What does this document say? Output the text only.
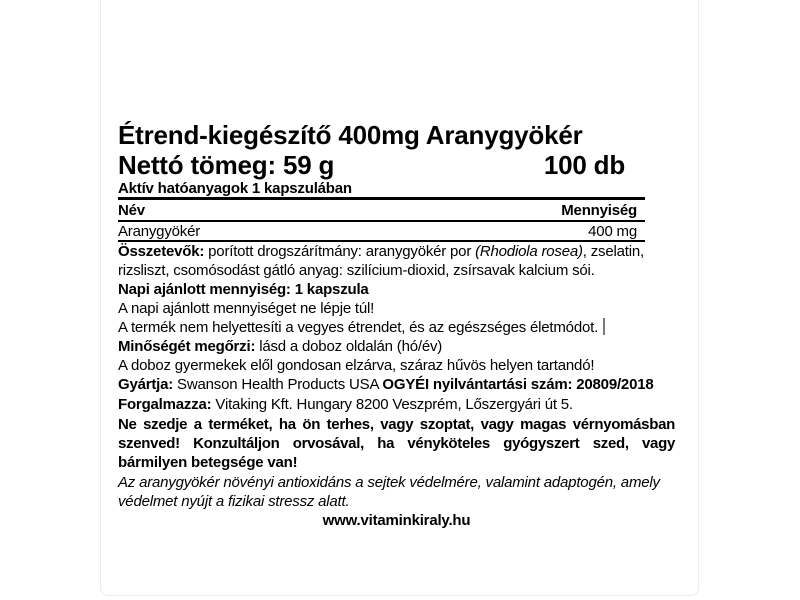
Étrend-kiegészítő 400mg Aranygyökér
Nettó tömeg: 59 g	100 db
Aktív hatóanyagok 1 kapszulában
Név	Mennyiség
Aranygyökér	400 mg
Összetevők: porított drogszárítmány: aranygyökér por (Rhodiola rosea), zselatin,
rizsliszt, csomósodást gátló anyag: szilícium-dioxid, zsírsavak kalcium sói.
Napi ajánlott mennyiség: 1 kapszula
A napi ajánlott mennyiséget ne lépje túl!
A termék nem helyettesíti a vegyes étrendet, és az egészséges életmódot.
Minőségét megőrzi: lásd a doboz oldalán (hó/év)
A doboz gyermekek elől gondosan elzárva, száraz hűvös helyen tartandó!
Gyártja: Swanson Health Products USA OGYÉI nyilvántartási szám: 20809/2018
Forgalmazza: Vitaking Kft. Hungary 8200 Veszprém, Lőszergyári út 5.
Ne szedje a terméket, ha ön terhes, vagy szoptat, vagy magas vérnyomásban
szenved! Konzultáljon orvosával, ha vényköteles gyógyszert szed, vagy
bármilyen betegsége van!
Az aranygyökér növényi antioxidáns a sejtek védelmére, valamint adaptogén, amely
védelmet nyújt a fizikai stressz alatt.
www.vitaminkiraly.hu
